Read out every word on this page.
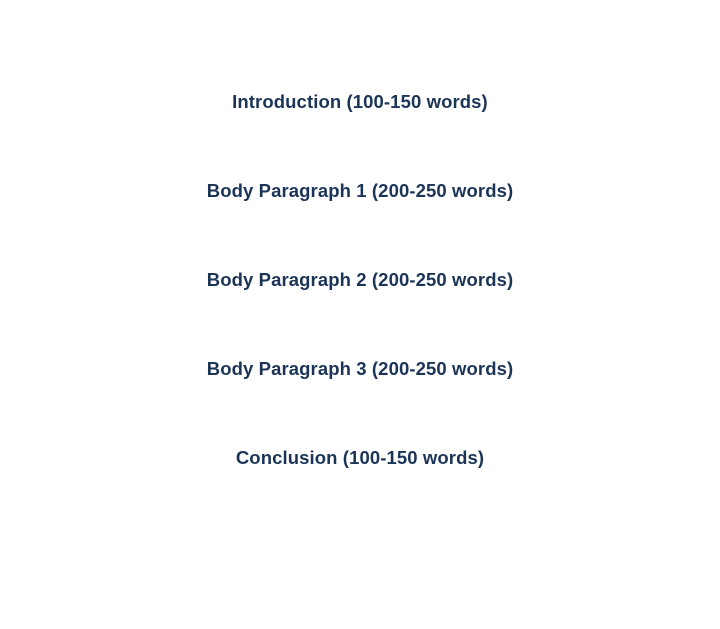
Introduction (100-150 words)
Body Paragraph 1 (200-250 words)
Body Paragraph 2 (200-250 words)
Body Paragraph 3 (200-250 words)
Conclusion (100-150 words)
